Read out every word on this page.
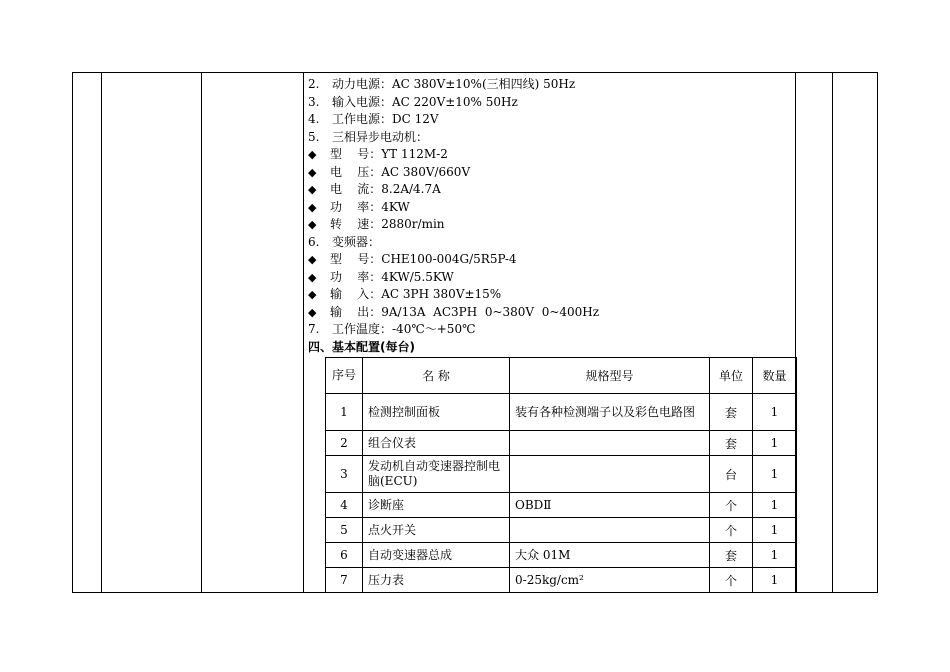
2. 动力电源：AC 380V±10%(三相四线) 50Hz
3. 输入电源：AC 220V±10% 50Hz
4. 工作电源：DC 12V
5. 三相异步电动机：
◆ 型    号：YT 112M-2
◆ 电    压：AC 380V/660V
◆ 电    流：8.2A/4.7A
◆ 功    率：4KW
◆ 转    速：2880r/min
6. 变频器：
◆ 型    号：CHE100-004G/5R5P-4
◆ 功    率：4KW/5.5KW
◆ 输    入：AC 3PH 380V±15%
◆ 输    出：9A/13A  AC3PH  0~380V  0~400Hz
7. 工作温度：-40℃～+50℃
四、基本配置(每台)
序号	名 称	规格型号	单位	数量
1	检测控制面板	装有各种检测端子以及彩色电路图	套	1
2	组合仪表		套	1
3	发动机自动变速器控制电脑(ECU)		台	1
4	诊断座	OBDⅡ	个	1
5	点火开关		个	1
6	自动变速器总成	大众 01M	套	1
7	压力表	0-25kg/cm²	个	1
